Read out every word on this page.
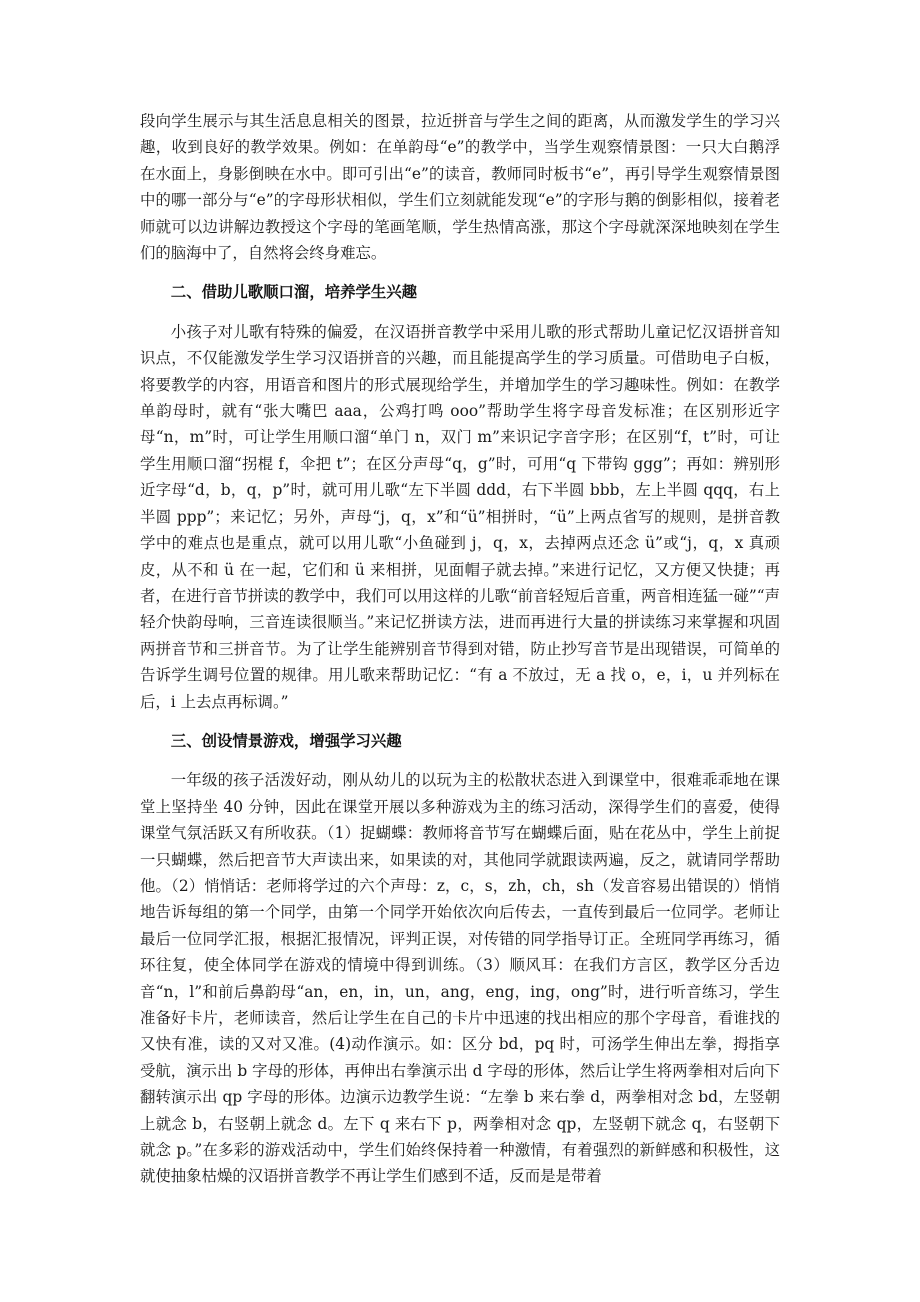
段向学生展示与其生活息息相关的图景，拉近拼音与学生之间的距离，从而激发学生的学习兴趣，收到良好的教学效果。例如：在单韵母“e”的教学中，当学生观察情景图：一只大白鹅浮在水面上，身影倒映在水中。即可引出“e”的读音，教师同时板书“e”，再引导学生观察情景图中的哪一部分与“e”的字母形状相似，学生们立刻就能发现“e”的字形与鹅的倒影相似，接着老师就可以边讲解边教授这个字母的笔画笔顺，学生热情高涨，那这个字母就深深地映刻在学生们的脑海中了，自然将会终身难忘。

二、借助儿歌顺口溜，培养学生兴趣

小孩子对儿歌有特殊的偏爱，在汉语拼音教学中采用儿歌的形式帮助儿童记忆汉语拼音知识点，不仅能激发学生学习汉语拼音的兴趣，而且能提高学生的学习质量。可借助电子白板，将要教学的内容，用语音和图片的形式展现给学生，并增加学生的学习趣味性。例如：在教学单韵母时，就有“张大嘴巴 aaa，公鸡打鸣 ooo”帮助学生将字母音发标准；在区别形近字母“n，m”时，可让学生用顺口溜“单门 n，双门 m”来识记字音字形；在区别“f，t”时，可让学生用顺口溜“拐棍 f，伞把 t”；在区分声母“q，g”时，可用“q 下带钩 ggg”；再如：辨别形近字母“d，b，q，p”时，就可用儿歌“左下半圆 ddd，右下半圆 bbb，左上半圆 qqq，右上半圆 ppp”；来记忆；另外，声母“j，q，x”和“ü”相拼时，“ü”上两点省写的规则，是拼音教学中的难点也是重点，就可以用儿歌“小鱼碰到 j，q，x，去掉两点还念 ü”或“j，q，x 真顽皮，从不和 ü 在一起，它们和 ü 来相拼，见面帽子就去掉。”来进行记忆，又方便又快捷；再者，在进行音节拼读的教学中，我们可以用这样的儿歌“前音轻短后音重，两音相连猛一碰”“声轻介快韵母响，三音连读很顺当。”来记忆拼读方法，进而再进行大量的拼读练习来掌握和巩固两拼音节和三拼音节。为了让学生能辨别音节得到对错，防止抄写音节是出现错误，可简单的告诉学生调号位置的规律。用儿歌来帮助记忆：“有 a 不放过，无 a 找 o，e，i，u 并列标在后，i 上去点再标调。”

三、创设情景游戏，增强学习兴趣

一年级的孩子活泼好动，刚从幼儿的以玩为主的松散状态进入到课堂中，很难乖乖地在课堂上坚持坐 40 分钟，因此在课堂开展以多种游戏为主的练习活动，深得学生们的喜爱，使得课堂气氛活跃又有所收获。（1）捉蝴蝶：教师将音节写在蝴蝶后面，贴在花丛中，学生上前捉一只蝴蝶，然后把音节大声读出来，如果读的对，其他同学就跟读两遍，反之，就请同学帮助他。（2）悄悄话：老师将学过的六个声母：z，c，s，zh，ch，sh（发音容易出错误的）悄悄地告诉每组的第一个同学，由第一个同学开始依次向后传去，一直传到最后一位同学。老师让最后一位同学汇报，根据汇报情况，评判正误，对传错的同学指导订正。全班同学再练习，循环往复，使全体同学在游戏的情境中得到训练。（3）顺风耳：在我们方言区，教学区分舌边音“n，l”和前后鼻韵母“an，en，in，un，ang，eng，ing，ong”时，进行听音练习，学生准备好卡片，老师读音，然后让学生在自己的卡片中迅速的找出相应的那个字母音，看谁找的又快有准，读的又对又准。(4)动作演示。如：区分 bd，pq 时，可汤学生伸出左拳，拇指享受航，演示出 b 字母的形体，再伸出右拳演示出 d 字母的形体，然后让学生将两拳相对后向下翻转演示出 qp 字母的形体。边演示边教学生说：“左拳 b 来右拳 d，两拳相对念 bd，左竖朝上就念 b，右竖朝上就念 d。左下 q 来右下 p，两拳相对念 qp，左竖朝下就念 q，右竖朝下就念 p。”在多彩的游戏活动中，学生们始终保持着一种激情，有着强烈的新鲜感和积极性，这就使抽象枯燥的汉语拼音教学不再让学生们感到不适，反而是是带着
